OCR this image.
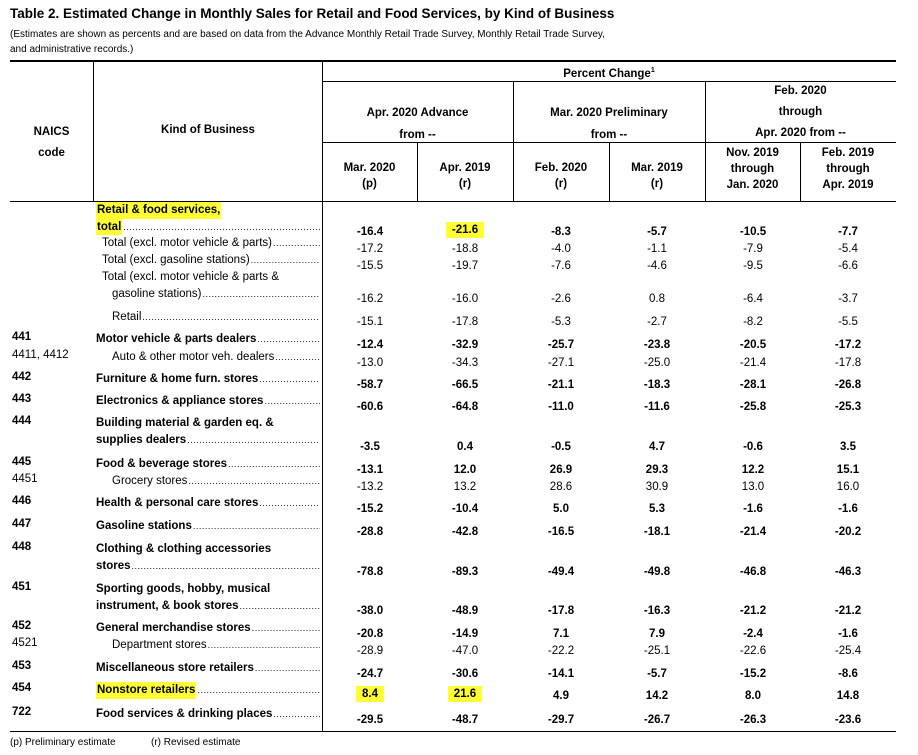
Table 2. Estimated Change in Monthly Sales for Retail and Food Services, by Kind of Business
(Estimates are shown as percents and are based on data from the Advance Monthly Retail Trade Survey, Monthly Retail Trade Survey,
and administrative records.)
NAICS
code
Kind of Business
Percent Change$^1$
Apr. 2020 Advance
from --
Mar. 2020 Preliminary
from --
Feb. 2020
through
Apr. 2020 from --
Mar. 2020
(p)
Apr. 2019
(r)
Feb. 2020
(r)
Mar. 2019
(r)
Nov. 2019
through
Jan. 2020
Feb. 2019
through
Apr. 2019
Retail & food services,
total .....	-16.4	-21.6	-8.3	-5.7	-10.5	-7.7
Total (excl. motor vehicle & parts) .....	-17.2	-18.8	-4.0	-1.1	-7.9	-5.4
Total (excl. gasoline stations) .....	-15.5	-19.7	-7.6	-4.6	-9.5	-6.6
Total (excl. motor vehicle & parts &
gasoline stations) .....	-16.2	-16.0	-2.6	0.8	-6.4	-3.7
Retail .....	-15.1	-17.8	-5.3	-2.7	-8.2	-5.5
441	Motor vehicle & parts dealers .....	-12.4	-32.9	-25.7	-23.8	-20.5	-17.2
4411, 4412	Auto & other motor veh. dealers .....	-13.0	-34.3	-27.1	-25.0	-21.4	-17.8
442	Furniture & home furn. stores .....	-58.7	-66.5	-21.1	-18.3	-28.1	-26.8
443	Electronics & appliance stores .....	-60.6	-64.8	-11.0	-11.6	-25.8	-25.3
444	Building material & garden eq. &
supplies dealers
.....
-3.5	0.4	-0.5	4.7	-0.6	3.5
445	Food & beverage stores .....	-13.1	12.0	26.9	29.3	12.2	15.1
4451	Grocery stores .....	-13.2	13.2	28.6	30.9	13.0	16.0
446	Health & personal care stores .....	-15.2	-10.4	5.0	5.3	-1.6	-1.6
447	Gasoline stations .....	-28.8	-42.8	-16.5	-18.1	-21.4	-20.2
448	Clothing & clothing accessories
stores
.....
-78.8	-89.3	-49.4	-49.8	-46.8	-46.3
451	Sporting goods, hobby, musical
instrument, & book stores .....	-38.0	-48.9	-17.8	-16.3	-21.2	-21.2
452	General merchandise stores .....	-20.8	-14.9	7.1	7.9	-2.4	-1.6
4521	Department stores .....	-28.9	-47.0	-22.2	-25.1	-22.6	-25.4
453	Miscellaneous store retailers .....	-24.7	-30.6	-14.1	-5.7	-15.2	-8.6
454	Nonstore retailers .....	8.4	21.6	4.9	14.2	8.0	14.8
722	Food services & drinking places .....	-29.5	-48.7	-29.7	-26.7	-26.3	-23.6
(p) Preliminary estimate	(r) Revised estimate
